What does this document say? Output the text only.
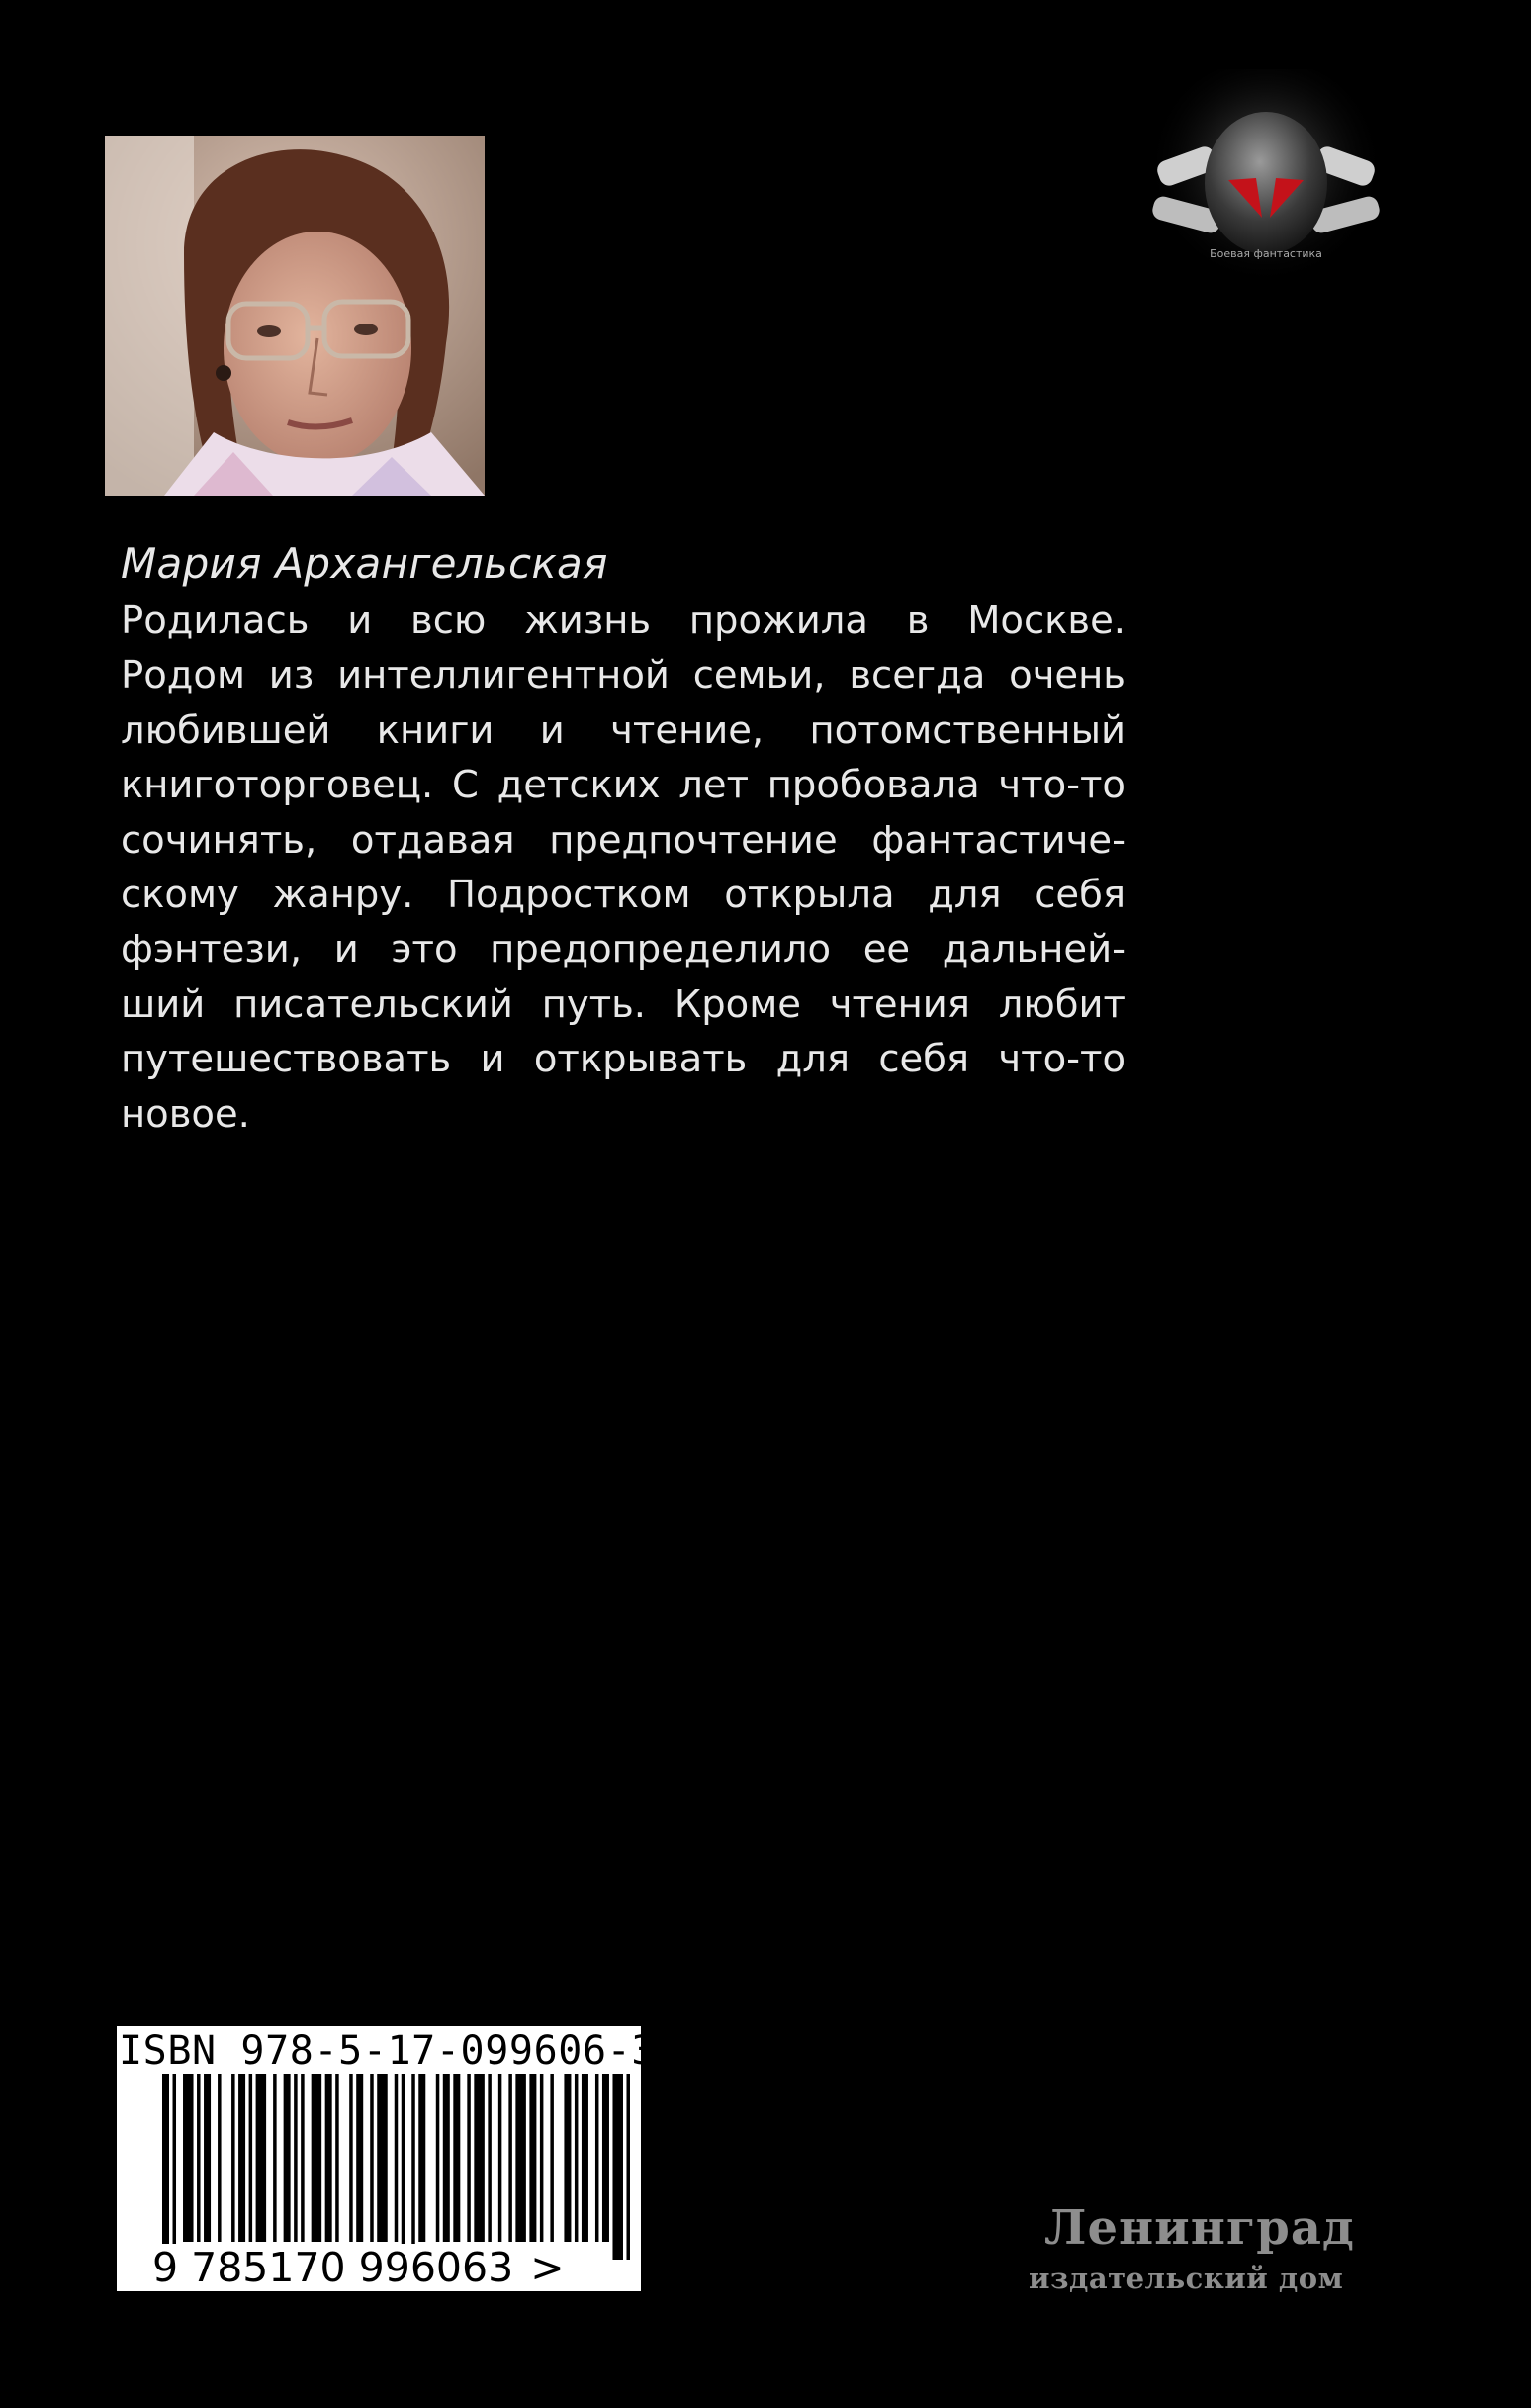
Боевая фантастика
Мария Архангельская
Родилась и всю жизнь прожила в Москве.
Родом из интеллигентной семьи, всегда очень
любившей книги и чтение, потомственный
книготорговец. С детских лет пробовала что-то
сочинять, отдавая предпочтение фантастиче-
скому жанру. Подростком открыла для себя
фэнтези, и это предопределило ее дальней-
ший писательский путь. Кроме чтения любит
путешествовать и открывать для себя что-то
новое.
ISBN 978-5-17-099606-3
9 785170 996063 >
Ленинград
издательский дом
